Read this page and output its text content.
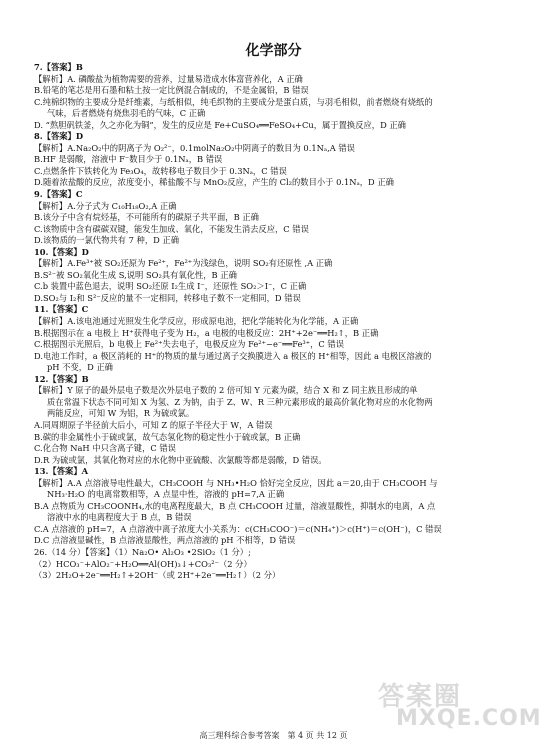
化学部分
7.【答案】B
【解析】A. 磷酸盐为植物需要的营养，过量易造成水体富营养化，A 正确
B.铅笔的笔芯是用石墨和粘土按一定比例混合制成的，不是金属铅，B 错误
C.纯棉织物的主要成分是纤维素，与纸相似，纯毛织物的主要成分是蛋白质，与羽毛相似，前者燃烧有烧纸的
气味，后者燃烧有烧焦羽毛的气味，C 正确
D. “熬胆矾铁釜，久之亦化为铜”，发生的反应是 Fe+CuSO₄══FeSO₄+Cu，属于置换反应，D 正确
8.【答案】D
【解析】A.Na₂O₂中的阴离子为 O₂²⁻，0.1molNa₂O₂中阴离子的数目为 0.1Nₐ,A 错误
B.HF 是弱酸，溶液中 F⁻数目少于 0.1Nₐ，B 错误
C.点燃条件下铁转化为 Fe₃O₄，故转移电子数目少于 0.3Nₐ，C 错误
D.随着浓盐酸的反应，浓度变小，稀盐酸不与 MnO₂反应，产生的 Cl₂的数目小于 0.1Nₐ，D 正确
9.【答案】C
【解析】A.分子式为 C₁₀H₁₈O₂,A 正确
B.该分子中含有烷烃基，不可能所有的碳原子共平面，B 正确
C.该物质中含有碳碳双键，能发生加成、氧化，不能发生消去反应，C 错误
D.该物质的一氯代物共有 7 种，D 正确
10.【答案】D
【解析】A.Fe³⁺被 SO₂还原为 Fe²⁺，Fe²⁺为浅绿色，说明 SO₂有还原性 ,A 正确
B.S²⁻被 SO₂氧化生成 S,说明 SO₂具有氧化性，B 正确
C.b 装置中蓝色退去，说明 SO₂还原 I₂生成 I⁻，还原性 SO₂＞I⁻，C 正确
D.SO₂与 I₂和 S²⁻反应的量不一定相同，转移电子数不一定相同，D 错误
11.【答案】C
【解析】A.该电池通过光照发生化学反应，形成原电池，把化学能转化为化学能，A 正确
B.根据图示在 a 电极上 H⁺获得电子变为 H₂，a 电极的电极反应：2H⁺+2e⁻══H₂↑，B 正确
C.根据图示光照后，b 电极上 Fe²⁺失去电子，电极反应为 Fe²⁺−e⁻══Fe³⁺，C 错误
D.电池工作时，a 极区消耗的 H⁺的物质的量与通过离子交换膜进入 a 极区的 H⁺相等，因此 a 电极区溶液的
pH 不变，D 正确
12.【答案】B
【解析】Y 原子的最外层电子数是次外层电子数的 2 倍可知 Y 元素为碳，结合 X 和 Z 同主族且形成的单
质在常温下状态不同可知 X 为氢、Z 为钠，由于 Z、W、R 三种元素形成的最高价氧化物对应的水化物两
两能反应，可知 W 为铝，R 为硫或氯。
A.同周期原子半径前大后小，可知 Z 的原子半径大于 W，A 错误
B.碳的非金属性小于硫或氯，故气态氢化物的稳定性小于硫或氯，B 正确
C.化合物 NaH 中只含离子键，C 错误
D.R 为硫或氯，其氧化物对应的水化物中亚硫酸、次氯酸等都是弱酸，D 错误。
13.【答案】A
【解析】A.A 点溶液导电性最大，CH₃COOH 与 NH₃•H₂O 恰好完全反应，因此 a＝20,由于 CH₃COOH 与
NH₃·H₂O 的电离常数相等，A 点显中性，溶液的 pH=7,A 正确
B.A 点物质为 CH₃COONH₄,水的电离程度最大，B 点 CH₃COOH 过量，溶液显酸性，抑制水的电离，A 点
溶液中水的电离程度大于 B 点，B 错误
C.A 点溶液的 pH=7，A 点溶液中离子浓度大小关系为：c(CH₃COO⁻)＝c(NH₄⁺)＞c(H⁺)＝c(OH⁻)，C 错误
D.C 点溶液显碱性，B 点溶液显酸性，两点溶液的 pH 不相等，D 错误
26.（14 分）【答案】（1）Na₂O• Al₂O₃ •2SiO₂（1 分）;
（2）HCO₃⁻+AlO₂⁻+H₂O══Al(OH)₃↓+CO₃²⁻（2 分）
（3）2H₂O+2e⁻══H₂↑+2OH⁻（或 2H⁺+2e⁻══H₂↑）（2 分）
高三理科综合参考答案　第 4 页 共 12 页
答案圈
MXQE.COM
